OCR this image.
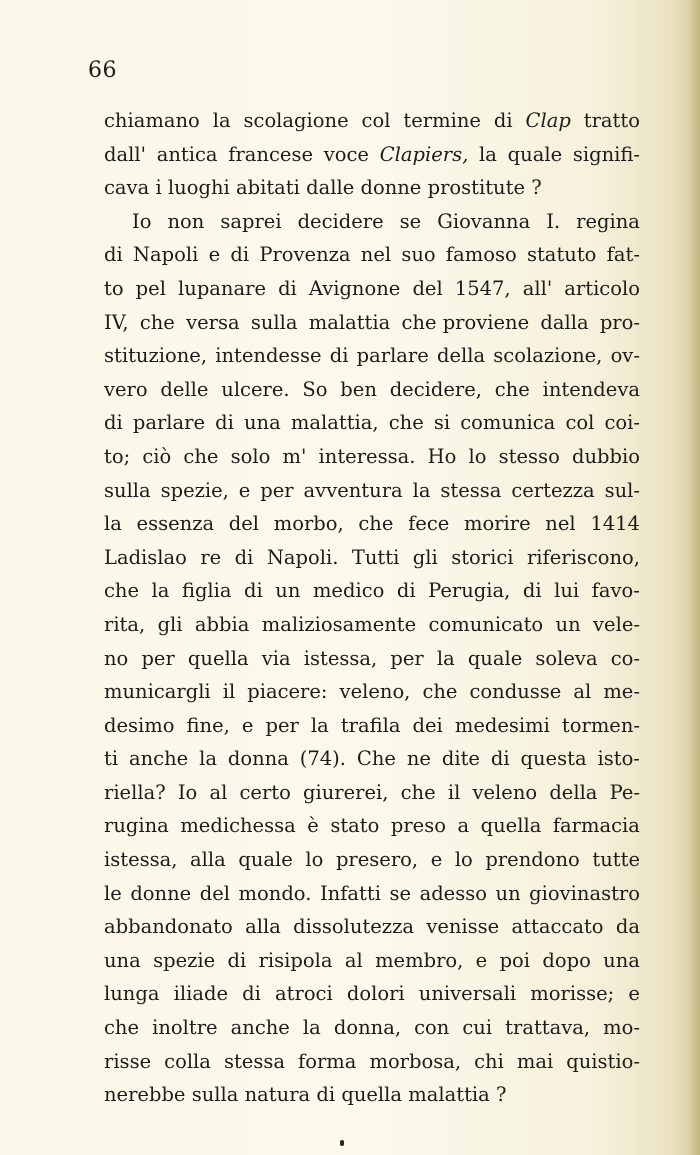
66
chiamano la scolagione col termine di Clap tratto
dall' antica francese voce Clapiers, la quale signifi-
cava i luoghi abitati dalle donne prostitute ?
Io non saprei decidere se Giovanna I. regina
di Napoli e di Provenza nel suo famoso statuto fat-
to pel lupanare di Avignone del 1547, all' articolo
IV, che versa sulla malattia che proviene dalla pro-
stituzione, intendesse di parlare della scolazione, ov-
vero delle ulcere. So ben decidere, che intendeva
di parlare di una malattia, che si comunica col coi-
to; ciò che solo m' interessa. Ho lo stesso dubbio
sulla spezie, e per avventura la stessa certezza sul-
la essenza del morbo, che fece morire nel 1414
Ladislao re di Napoli. Tutti gli storici riferiscono,
che la figlia di un medico di Perugia, di lui favo-
rita, gli abbia maliziosamente comunicato un vele-
no per quella via istessa, per la quale soleva co-
municargli il piacere: veleno, che condusse al me-
desimo fine, e per la trafila dei medesimi tormen-
ti anche la donna (74). Che ne dite di questa isto-
riella? Io al certo giurerei, che il veleno della Pe-
rugina medichessa è stato preso a quella farmacia
istessa, alla quale lo presero, e lo prendono tutte
le donne del mondo. Infatti se adesso un giovinastro
abbandonato alla dissolutezza venisse attaccato da
una spezie di risipola al membro, e poi dopo una
lunga iliade di atroci dolori universali morisse; e
che inoltre anche la donna, con cui trattava, mo-
risse colla stessa forma morbosa, chi mai quistio-
nerebbe sulla natura di quella malattia ?
